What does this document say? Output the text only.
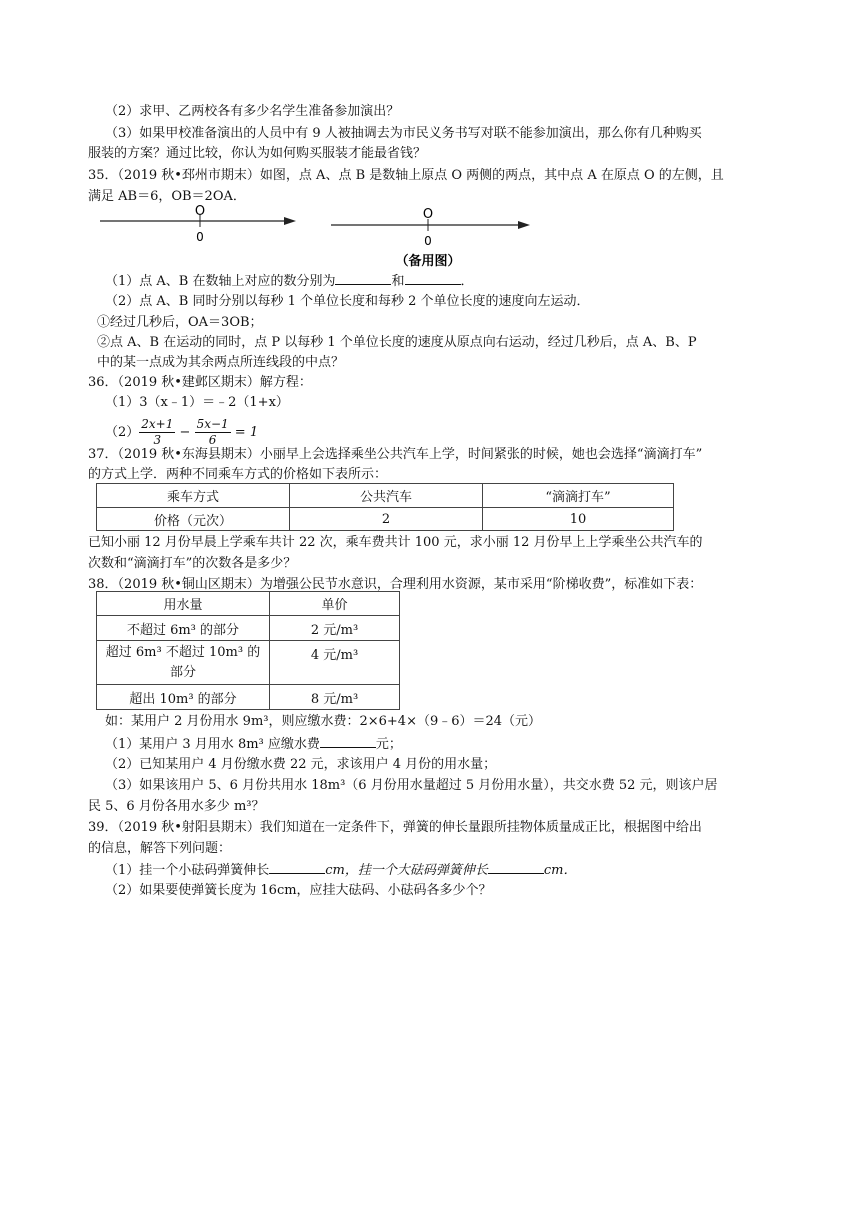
（2）求甲、乙两校各有多少名学生准备参加演出？
（3）如果甲校准备演出的人员中有 9 人被抽调去为市民义务书写对联不能参加演出，那么你有几种购买
服装的方案？通过比较，你认为如何购买服装才能最省钱？
35．（2019 秋•邳州市期末）如图，点 A、点 B 是数轴上原点 O 两侧的两点，其中点 A 在原点 O 的左侧，且
满足 AB＝6，OB＝2OA．
O
0
O
0
（备用图）
（1）点 A、B 在数轴上对应的数分别为	和	．
（2）点 A、B 同时分别以每秒 1 个单位长度和每秒 2 个单位长度的速度向左运动．
①经过几秒后，OA＝3OB；
②点 A、B 在运动的同时，点 P 以每秒 1 个单位长度的速度从原点向右运动，经过几秒后，点 A、B、P
中的某一点成为其余两点所连线段的中点？
36．（2019 秋•建邺区期末）解方程：
（1）3（x﹣1）＝﹣2（1+x）
$(2) \frac{2x+1}{3} - \frac{5x-1}{6} = 1$
37．（2019 秋•东海县期末）小丽早上会选择乘坐公共汽车上学，时间紧张的时候，她也会选择“滴滴打车”
的方式上学．两种不同乘车方式的价格如下表所示：
乘车方式	公共汽车	“滴滴打车”
价格（元次）	2	10
已知小丽 12 月份早晨上学乘车共计 22 次，乘车费共计 100 元，求小丽 12 月份早上上学乘坐公共汽车的
次数和“滴滴打车”的次数各是多少？
38．（2019 秋•铜山区期末）为增强公民节水意识，合理利用水资源，某市采用“阶梯收费”，标准如下表：
用水量	单价
不超过 6m³ 的部分	2 元/m³
超过 6m³ 不超过 10m³ 的部分	4 元/m³
超出 10m³ 的部分	8 元/m³
如：某用户 2 月份用水 9m³，则应缴水费：2×6+4×（9﹣6）＝24（元）
（1）某用户 3 月用水 8m³ 应缴水费	元；
（2）已知某用户 4 月份缴水费 22 元，求该用户 4 月份的用水量；
（3）如果该用户 5、6 月份共用水 18m³（6 月份用水量超过 5 月份用水量），共交水费 52 元，则该户居
民 5、6 月份各用水多少 m³？
39．（2019 秋•射阳县期末）我们知道在一定条件下，弹簧的伸长量跟所挂物体质量成正比，根据图中给出
的信息，解答下列问题：
（1）挂一个小砝码弹簧伸长	cm，挂一个大砝码弹簧伸长	cm．
（2）如果要使弹簧长度为 16cm，应挂大砝码、小砝码各多少个？
